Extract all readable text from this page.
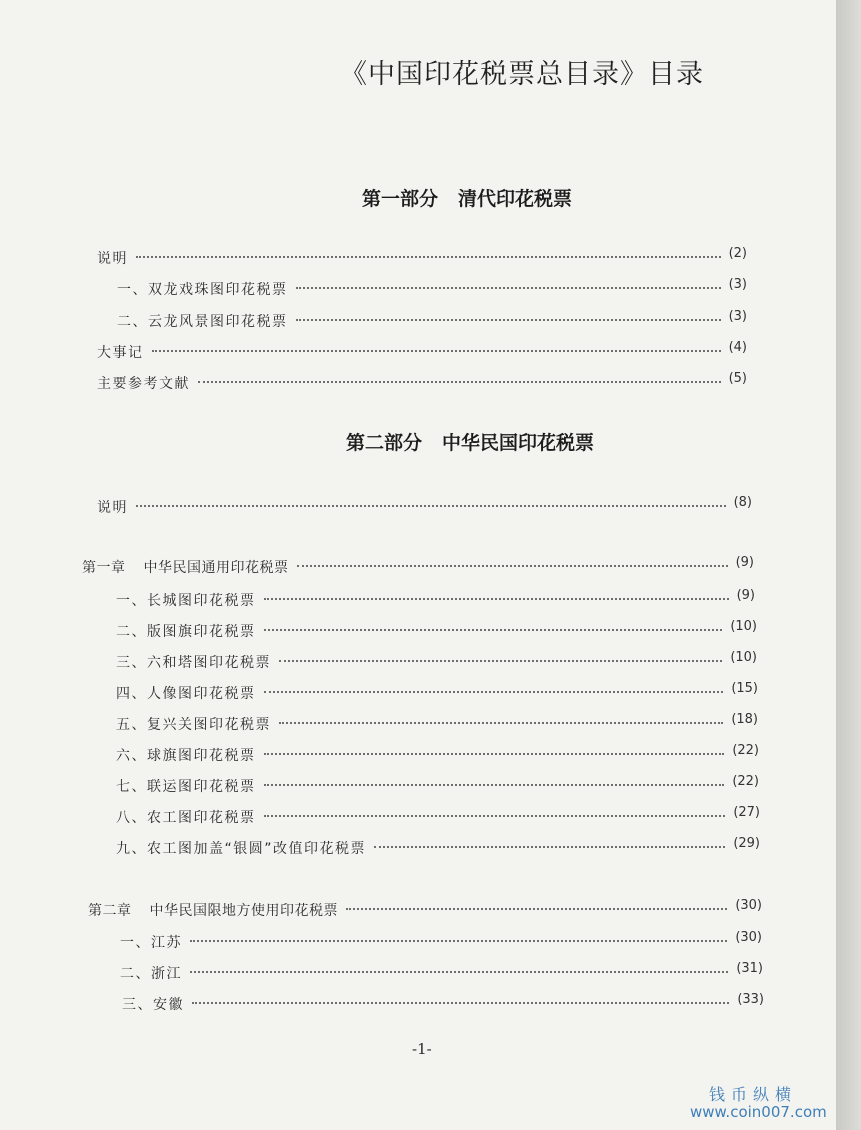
《中国印花税票总目录》目录
第一部分 清代印花税票
说明	(2)
一、双龙戏珠图印花税票	(3)
二、云龙风景图印花税票	(3)
大事记	(4)
主要参考文献	(5)
第二部分 中华民国印花税票
说明	(8)
第一章 中华民国通用印花税票	(9)
一、长城图印花税票	(9)
二、版图旗印花税票	(10)
三、六和塔图印花税票	(10)
四、人像图印花税票	(15)
五、复兴关图印花税票	(18)
六、球旗图印花税票	(22)
七、联运图印花税票	(22)
八、农工图印花税票	(27)
九、农工图加盖“银圆”改值印花税票	(29)
第二章 中华民国限地方使用印花税票	(30)
一、江苏	(30)
二、浙江	(31)
三、安徽	(33)
-1-
钱币纵横
www.coin007.com
